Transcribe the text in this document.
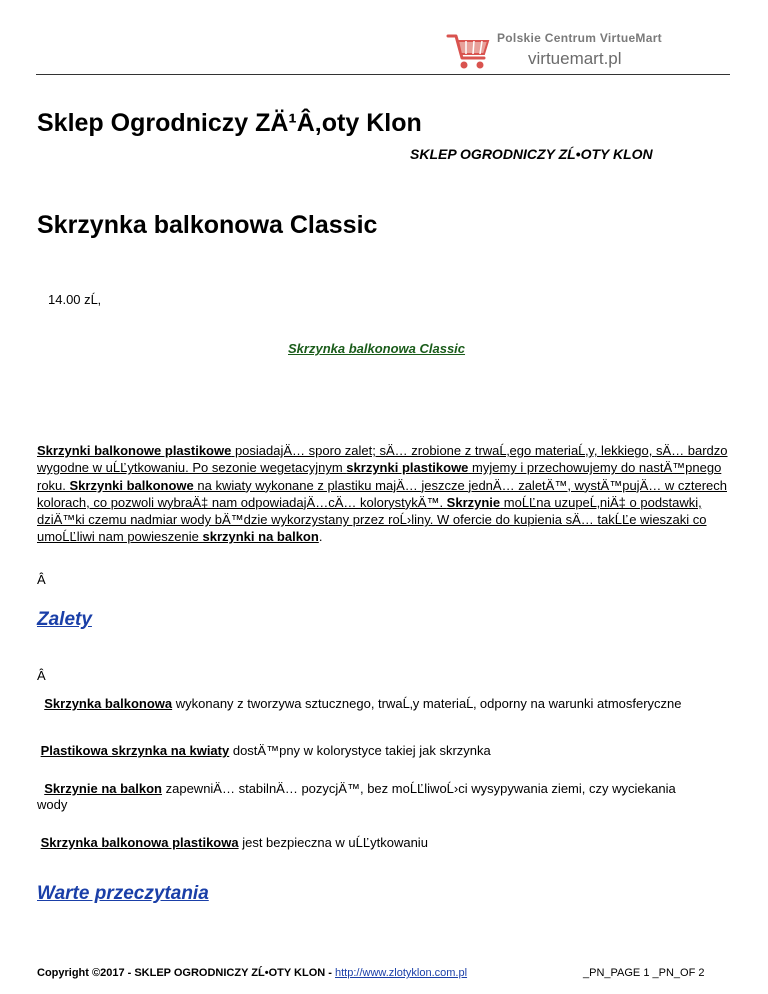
Polskie Centrum VirtueMart
virtuemart.pl
Sklep Ogrodniczy ZÄ¹Â‚oty Klon
SKLEP OGRODNICZY ZĹ•OTY KLON
Skrzynka balkonowa Classic
14.00 zĹ‚
Skrzynka balkonowa Classic
Skrzynki balkonowe plastikowe posiadajÄ… sporo zalet; sÄ… zrobione z trwaĹ‚ego materiaĹ‚y, lekkiego, sÄ… bardzo wygodne w uĹĽytkowaniu. Po sezonie wegetacyjnym skrzynki plastikowe myjemy i przechowujemy do nastÄ™pnego roku. Skrzynki balkonowe na kwiaty wykonane z plastiku majÄ… jeszcze jednÄ… zaletÄ™, wystÄ™pujÄ… w czterech kolorach, co pozwoli wybraÄ‡ nam odpowiadajÄ…cÄ… kolorystykÄ™. Skrzynie moĹĽna uzupeĹ‚niÄ‡ o podstawki, dziÄ™ki czemu nadmiar wody bÄ™dzie wykorzystany przez roĹ›liny. W ofercie do kupienia sÄ… takĹĽe wieszaki co umoĹĽliwi nam powieszenie skrzynki na balkon.
Â
Zalety
Â
Skrzynka balkonowa wykonany z tworzywa sztucznego, trwaĹ‚y materiaĹ‚ odporny na warunki atmosferyczne
Plastikowa skrzynka na kwiaty dostÄ™pny w kolorystyce takiej jak skrzynka
Skrzynie na balkon zapewniÄ… stabilnÄ… pozycjÄ™, bez moĹĽliwoĹ›ci wysypywania ziemi, czy wyciekania wody
Skrzynka balkonowa plastikowa jest bezpieczna w uĹĽytkowaniu
Warte przeczytania
Copyright ©2017 - SKLEP OGRODNICZY ZĹ•OTY KLON - http://www.zlotyklon.com.pl	_PN_PAGE 1 _PN_OF 2
